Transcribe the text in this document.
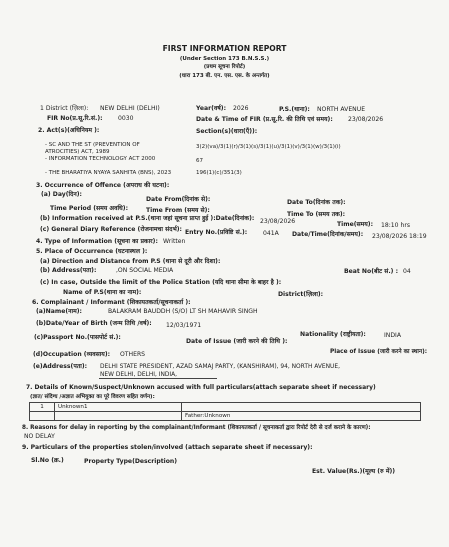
FIRST INFORMATION REPORT
(Under Section 173 B.N.S.S.)
(प्रथम सूचना रिपोर्ट)
(धारा 173 बी. एन. एस. एस. के अन्तर्गत)
1 District (ज़िला): NEW DELHI (DELHI)	Year(वर्ष): 2026	P.S.(थाना): NORTH AVENUE
FIR No(प्र.सू.रि.सं.):	0030	Date & Time of FIR (प्र.सू.रि. की तिथि एवं समय): 23/08/2026
2. Act(s)(अधिनियम ):	Section(s)(धारा(एँ)):
- SC AND THE ST (PREVENTION OF	3(2)(va)/3(1)(r)/3(1)(s)/3(1)(u)/3(1)(v)/3(1)(w)/3(1)(i)
ATROCITIES) ACT, 1989
- INFORMATION TECHNOLOGY ACT 2000	67
- THE BHARATIYA NYAYA SANHITA (BNS), 2023	196(1)(c)/351(3)
3. Occurrence of Offence (अपराध की घटना):
(a) Day(दिन):
Date From(दिनांक से):	Date To(दिनांक तक):
Time Period (समय अवधि):	Time From (समय से):
Time To (समय तक):
(b) Information received at P.S.(थाना जहां सूचना प्राप्त हुई ):Date(दिनांक): 23/08/2026	Time(समय): 18:10 hrs
(c) General Diary Reference (रोजनामचा संदर्भ): Entry No.(प्रविष्टि सं.):	041A Date/Time(दिनांक/समय): 23/08/2026 18:19
4. Type of Information (सूचना का प्रकार): Written
5. Place of Occurrence (घटनास्थल ):
(a) Direction and Distance from P.S (थाना से दूरी और दिशा):
Beat No(बीट सं.) : 04
(b) Address(पता):	,ON SOCIAL MEDIA
(c) In case, Outside the limit of the Police Station (यदि थाना सीमा के बाहर है ):
Name of P.S(थाना का नाम):	District(ज़िला):
6. Complainant / Informant (शिकायतकर्ता/सूचनाकर्ता ):
(a)Name(नाम):	BALAKRAM BAUDDH (S/O) LT SH MAHAVIR SINGH
(b)Date/Year of Birth (जन्म तिथि /वर्ष): 12/03/1971
Nationality (राष्ट्रीयता):	INDIA
(c)Passport No.(पासपोर्ट सं.):
Date of Issue (जारी करने की तिथि ):
Place of Issue (जारी करने का स्थान):
(d)Occupation (व्यवसाय): OTHERS
(e)Address(पता): DELHI STATE PRESIDENT, AZAD SAMAJ PARTY, (KANSHIRAM), 94, NORTH AVENUE,
NEW DELHI, DELHI, INDIA,
7. Details of Known/Suspect/Unknown accused with full particulars(attach separate sheet if necessary)
(ज्ञात/ संदिग्ध /अज्ञात अभियुक्त का पूरे विवरण सहित वर्णन):
1	Unknown1	
		Father:Unknown
8. Reasons for delay in reporting by the complainant/Informant (शिकायतकर्ता / सूचनाकर्ता द्वारा रिपोर्ट देरी से दर्ज कराने के कारण):
NO DELAY
9. Particulars of the properties stolen/involved (attach separate sheet if necessary):
Sl.No (क्र.)	Property Type(Description)
Est. Value(Rs.)(मूल्य (रु में))
